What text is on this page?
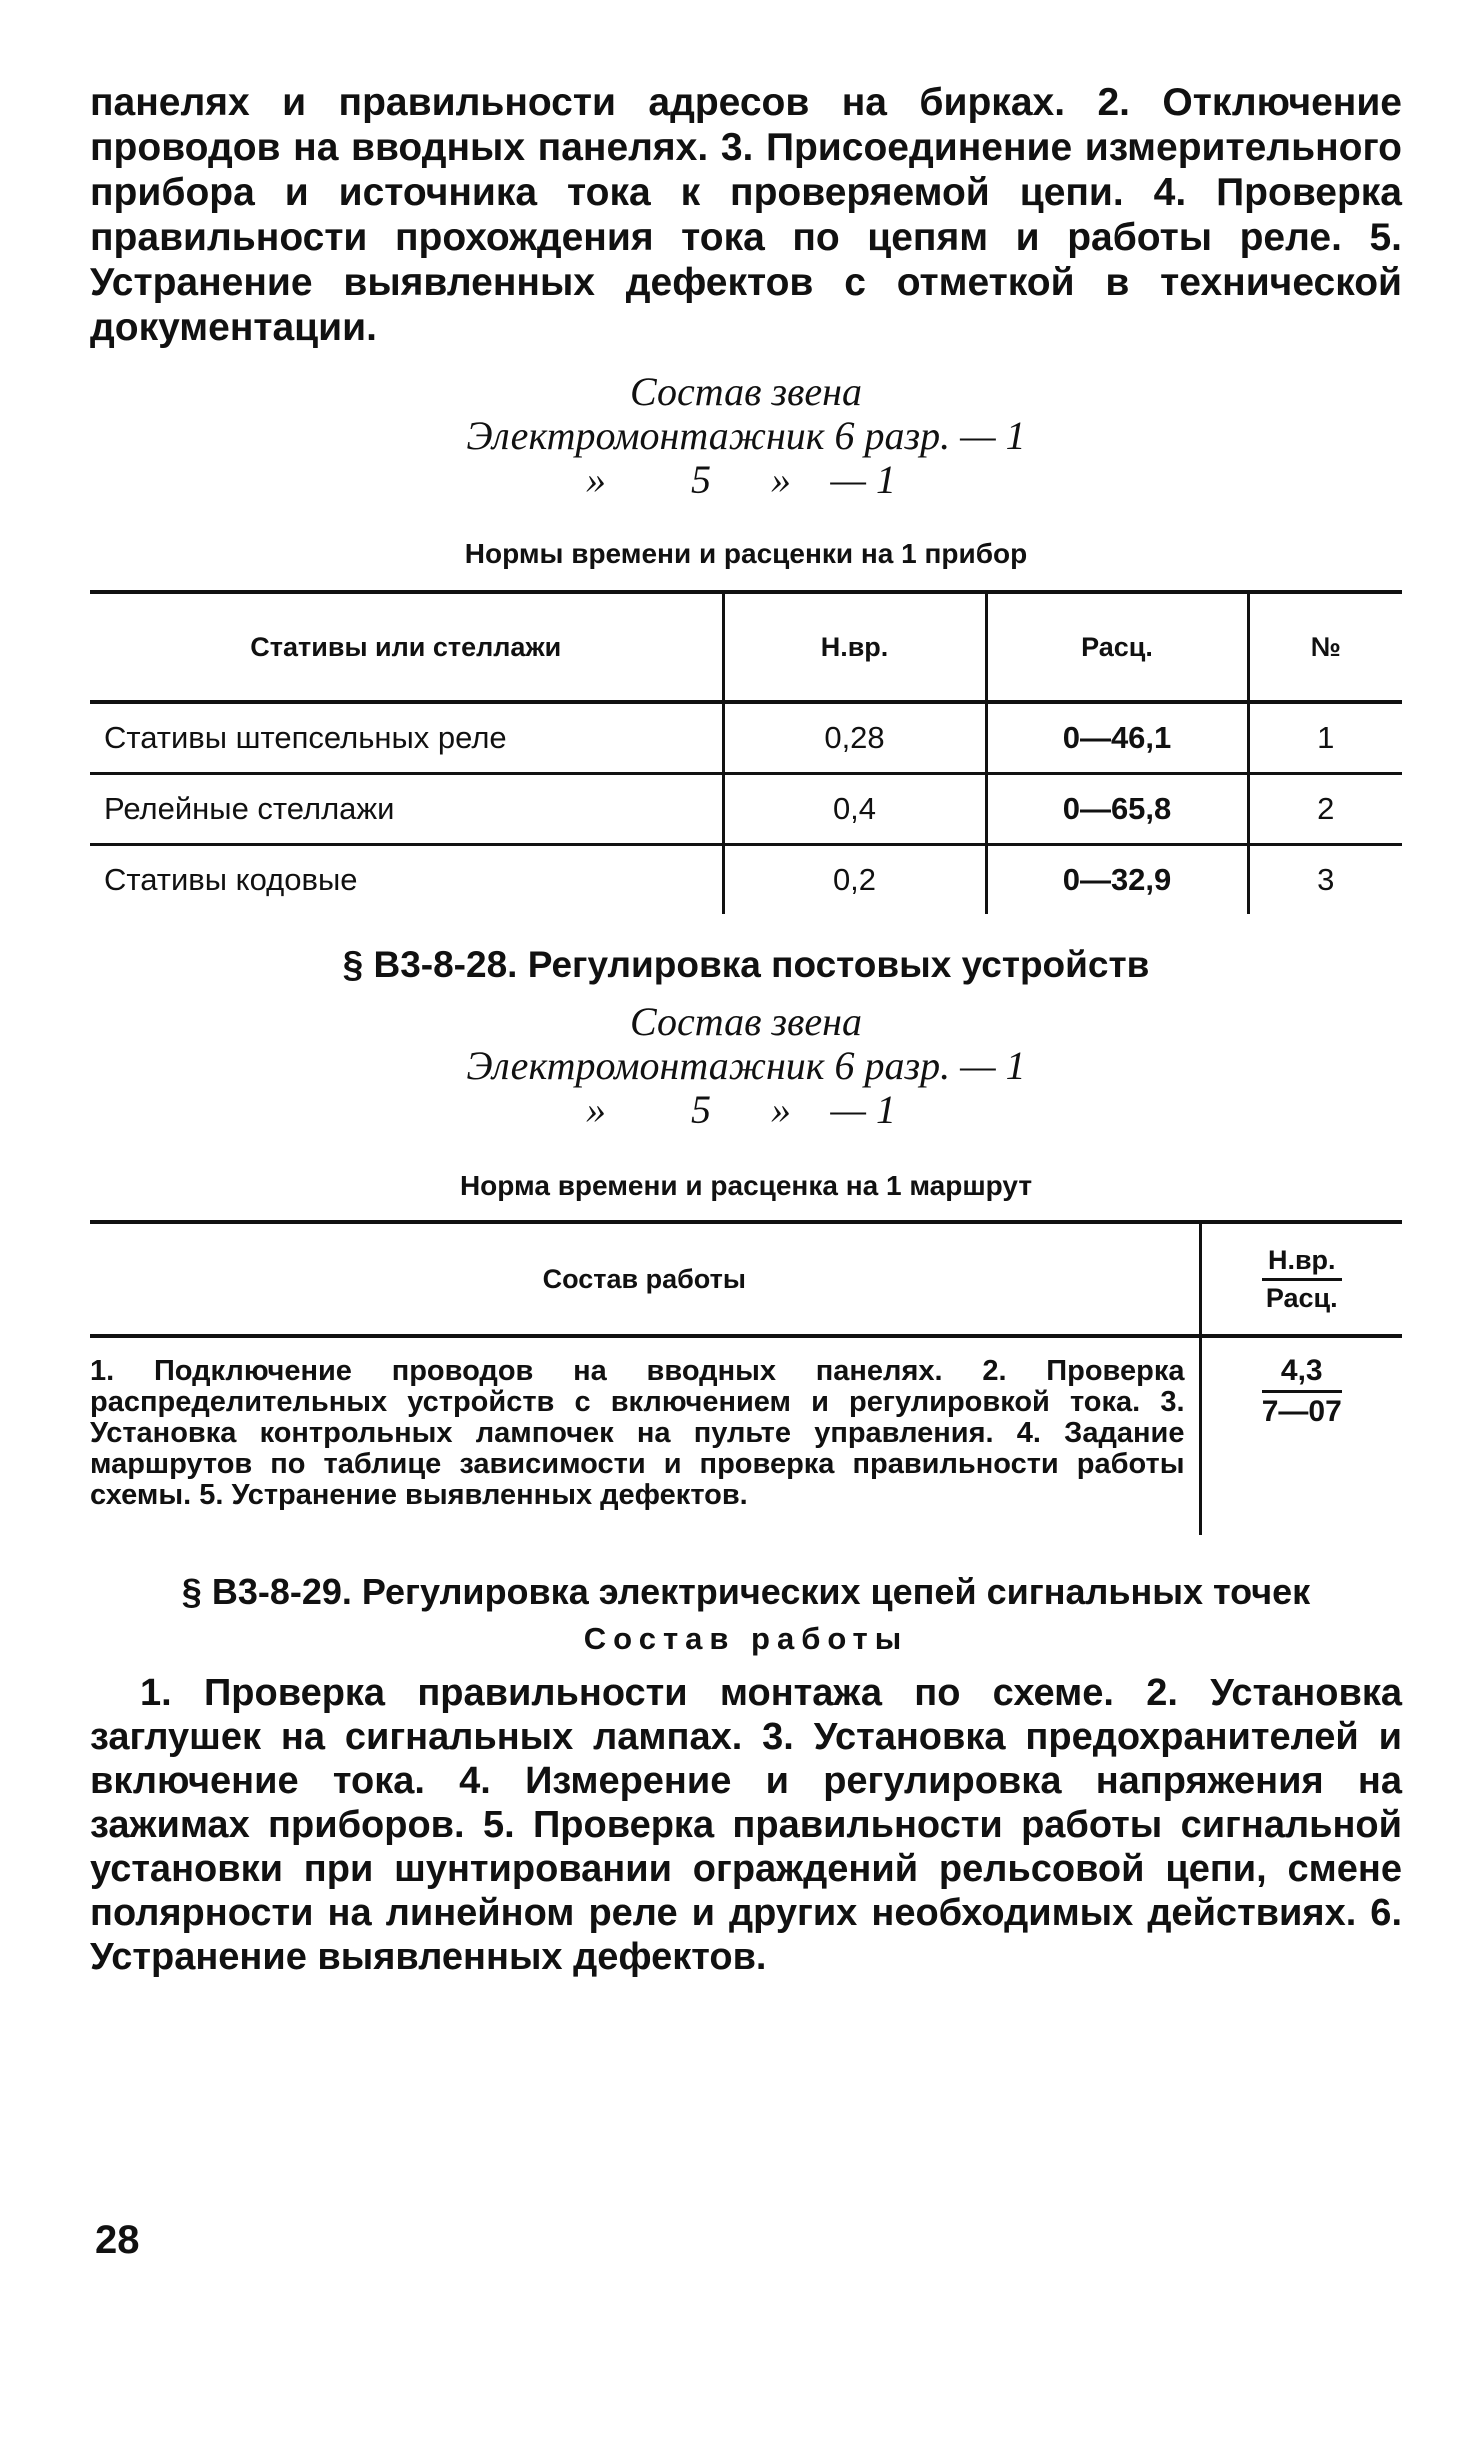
панелях и правильности адресов на бирках. 2. Отключение проводов на вводных панелях. 3. Присоединение измерительного прибора и источника тока к проверяемой цепи. 4. Проверка правильности прохождения тока по цепям и работы реле. 5. Устранение выявленных дефектов с отметкой в технической документации.

Состав звена

Электромонтажник 6 разр. — 1

»	5	» — 1

Нормы времени и расценки на 1 прибор

Стативы или стеллажи	Н.вр.	Расц.	№
Стативы штепсельных реле	0,28	0—46,1	1
Релейные стеллажи	0,4	0—65,8	2
Стативы кодовые	0,2	0—32,9	3

§ В3-8-28. Регулировка постовых устройств

Состав звена

Электромонтажник 6 разр. — 1

»	5	» — 1

Норма времени и расценка на 1 маршрут

Состав работы	$\frac{Н.вр.}{\text{Расц.}}$

1. Подключение проводов на вводных панелях. 2. Проверка распределительных устройств с включением и регулировкой тока. 3. Установка контрольных лампочек на пульте управления. 4. Задание маршрутов по таблице зависимости и проверка правильности работы схемы. 5. Устранение выявленных дефектов.	$\frac{4,3}{7—07}$

§ В3-8-29. Регулировка электрических цепей сигнальных точек

Состав работы

1. Проверка правильности монтажа по схеме. 2. Установка заглушек на сигнальных лампах. 3. Установка предохранителей и включение тока. 4. Измерение и регулировка напряжения на зажимах приборов. 5. Проверка правильности работы сигнальной установки при шунтировании ограждений рельсовой цепи, смене полярности на линейном реле и других необходимых действиях. 6. Устранение выявленных дефектов.

28
